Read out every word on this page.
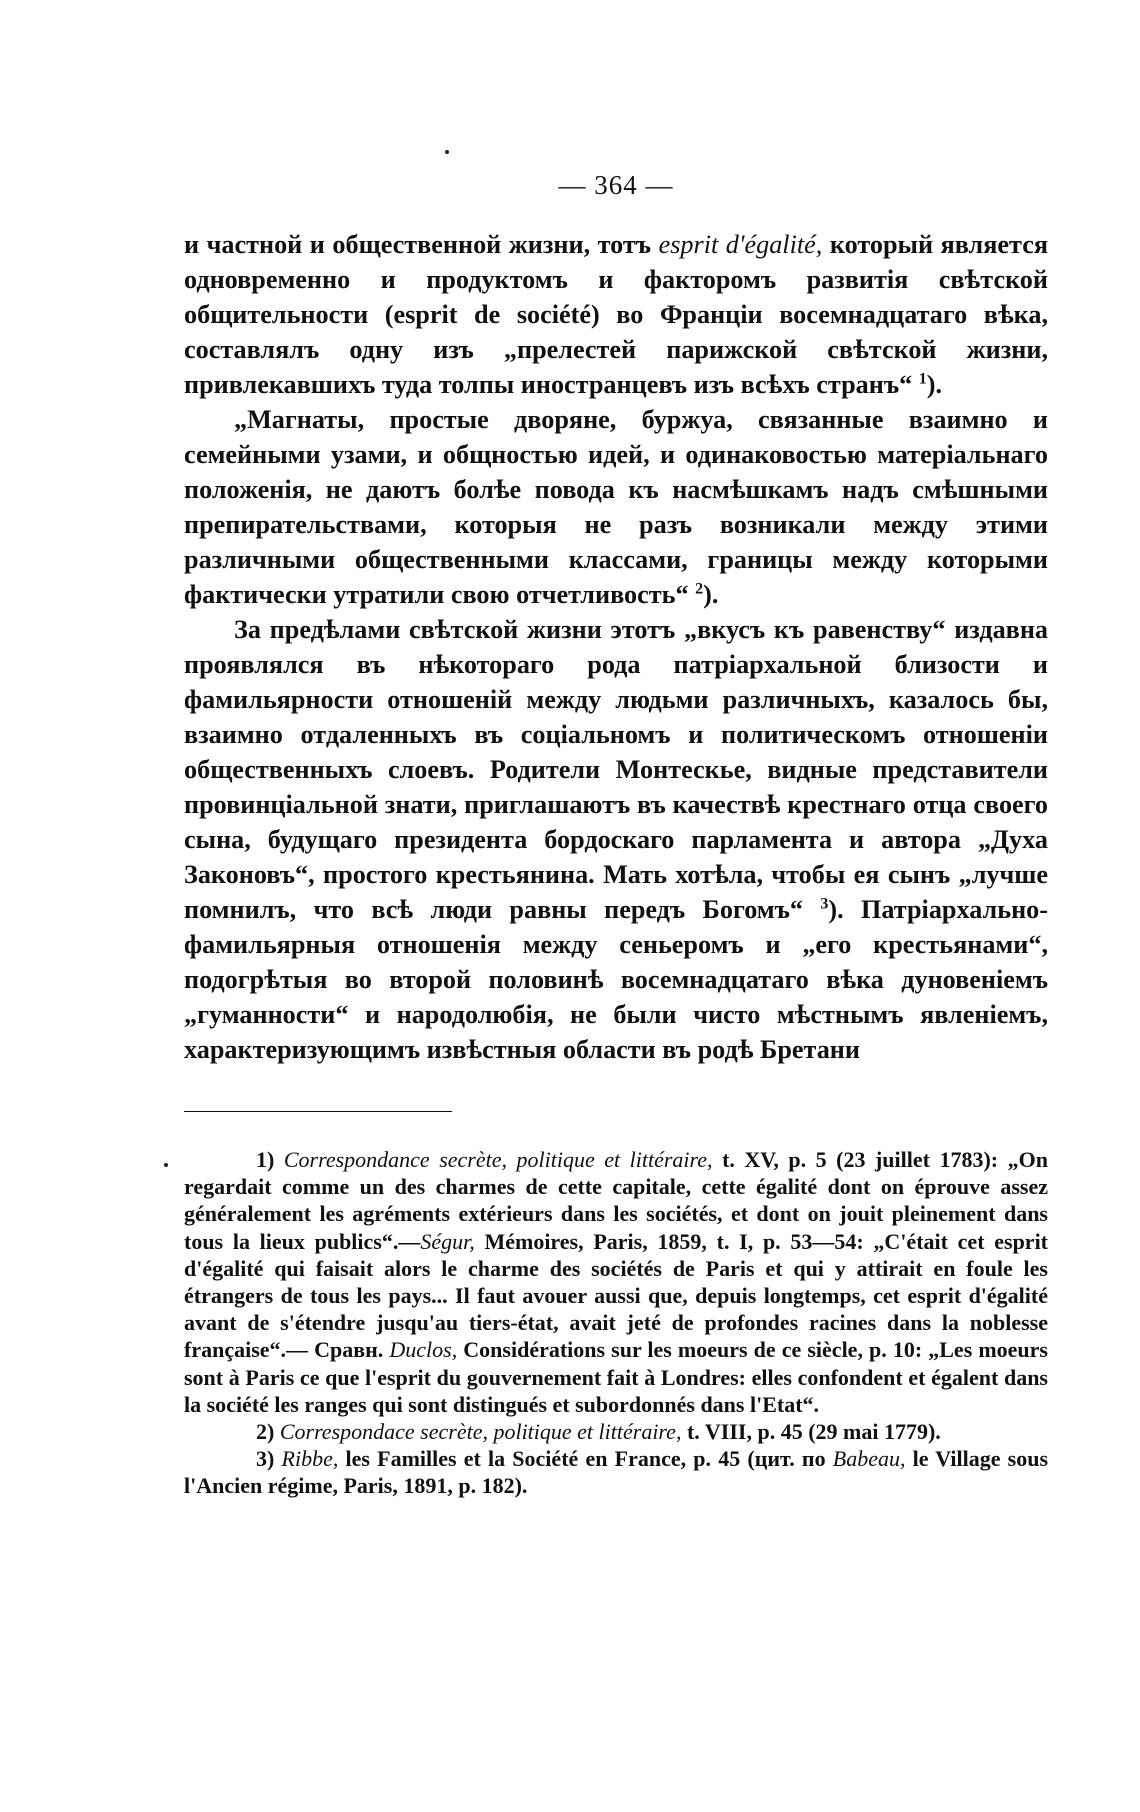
— 364 —

и частной и общественной жизни, тотъ esprit d'égalité, который является одновременно и продуктомъ и факторомъ развитія свѣтской общительности (esprit de société) во Франціи восемнадцатаго вѣка, составлялъ одну изъ „прелестей парижской свѣтской жизни, привлекавшихъ туда толпы иностранцевъ изъ всѣхъ странъ“ $^1$).

„Магнаты, простые дворяне, буржуа, связанные взаимно и семейными узами, и общностью идей, и одинаковостью матеріальнаго положенія, не даютъ болѣе повода къ насмѣшкамъ надъ смѣшными препирательствами, которыя не разъ возникали между этими различными общественными классами, границы между которыми фактически утратили свою отчетливость“ $^2$).

За предѣлами свѣтской жизни этотъ „вкусъ къ равенству“ издавна проявлялся въ нѣкотораго рода патріархальной близости и фамильярности отношеній между людьми различныхъ, казалось бы, взаимно отдаленныхъ въ соціальномъ и политическомъ отношеніи общественныхъ слоевъ. Родители Монтескье, видные представители провинціальной знати, приглашаютъ въ качествѣ крестнаго отца своего сына, будущаго президента бордоскаго парламента и автора „Духа Законовъ“, простого крестьянина. Мать хотѣла, чтобы ея сынъ „лучше помнилъ, что всѣ люди равны передъ Богомъ“ $^3$). Патріархально-фамильярныя отношенія между сеньеромъ и „его крестьянами“, подогрѣтыя во второй половинѣ восемнадцатаго вѣка дуновеніемъ „гуманности“ и народолюбія, не были чисто мѣстнымъ явленіемъ, характеризующимъ извѣстныя области въ родѣ Бретани

1) Correspondance secrète, politique et littéraire, t. XV, p. 5 (23 juillet 1783): „On regardait comme un des charmes de cette capitale, cette égalité dont on éprouve assez généralement les agréments extérieurs dans les sociétés, et dont on jouit pleinement dans tous la lieux publics“.—Ségur, Mémoires, Paris, 1859, t. I, p. 53—54: „C'était cet esprit d'égalité qui faisait alors le charme des sociétés de Paris et qui y attirait en foule les étrangers de tous les pays... Il faut avouer aussi que, depuis longtemps, cet esprit d'égalité avant de s'étendre jusqu'au tiers-état, avait jeté de profondes racines dans la noblesse française“.— Сравн. Duclos, Considérations sur les moeurs de ce siècle, p. 10: „Les moeurs sont à Paris ce que l'esprit du gouvernement fait à Londres: elles confondent et égalent dans la société les ranges qui sont distingués et subordonnés dans l'Etat“.

2) Correspondace secrète, politique et littéraire, t. VIII, p. 45 (29 mai 1779).

3) Ribbe, les Familles et la Société en France, p. 45 (цит. по Babeau, le Village sous l'Ancien régime, Paris, 1891, p. 182).
